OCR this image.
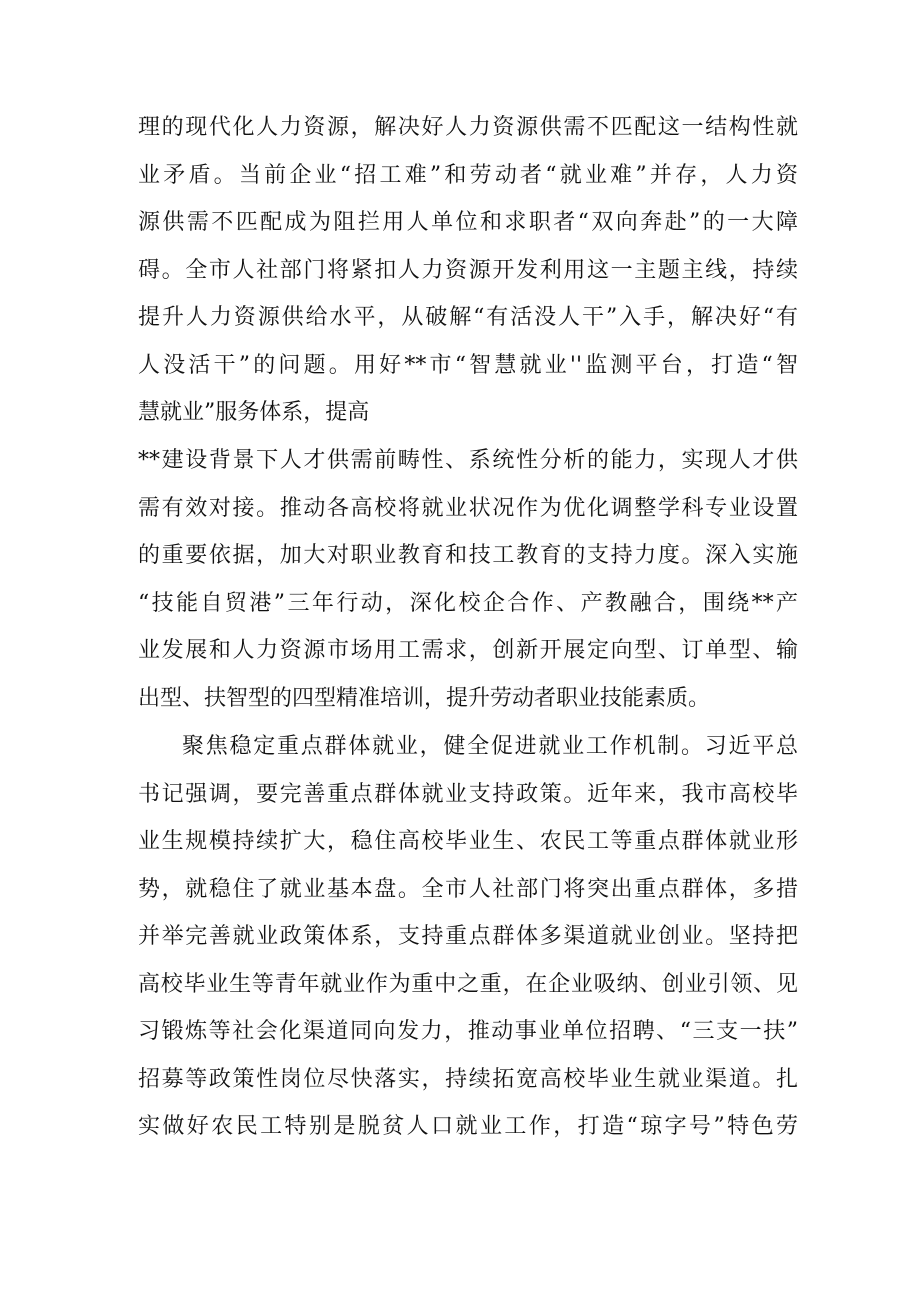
理的现代化人力资源，解决好人力资源供需不匹配这一结构性就
业矛盾。当前企业“招工难”和劳动者“就业难”并存，人力资
源供需不匹配成为阻拦用人单位和求职者“双向奔赴”的一大障
碍。全市人社部门将紧扣人力资源开发利用这一主题主线，持续
提升人力资源供给水平，从破解“有活没人干”入手，解决好“有
人没活干”的问题。用好**市“智慧就业''监测平台，打造“智
慧就业”服务体系，提高

**建设背景下人才供需前畴性、系统性分析的能力，实现人才供
需有效对接。推动各高校将就业状况作为优化调整学科专业设置
的重要依据，加大对职业教育和技工教育的支持力度。深入实施
“技能自贸港”三年行动，深化校企合作、产教融合，围绕**产
业发展和人力资源市场用工需求，创新开展定向型、订单型、输
出型、扶智型的四型精准培训，提升劳动者职业技能素质。

聚焦稳定重点群体就业，健全促进就业工作机制。习近平总
书记强调，要完善重点群体就业支持政策。近年来，我市高校毕
业生规模持续扩大，稳住高校毕业生、农民工等重点群体就业形
势，就稳住了就业基本盘。全市人社部门将突出重点群体，多措
并举完善就业政策体系，支持重点群体多渠道就业创业。坚持把
高校毕业生等青年就业作为重中之重，在企业吸纳、创业引领、见
习锻炼等社会化渠道同向发力，推动事业单位招聘、“三支一扶”
招募等政策性岗位尽快落实，持续拓宽高校毕业生就业渠道。扎
实做好农民工特别是脱贫人口就业工作，打造“琼字号”特色劳
